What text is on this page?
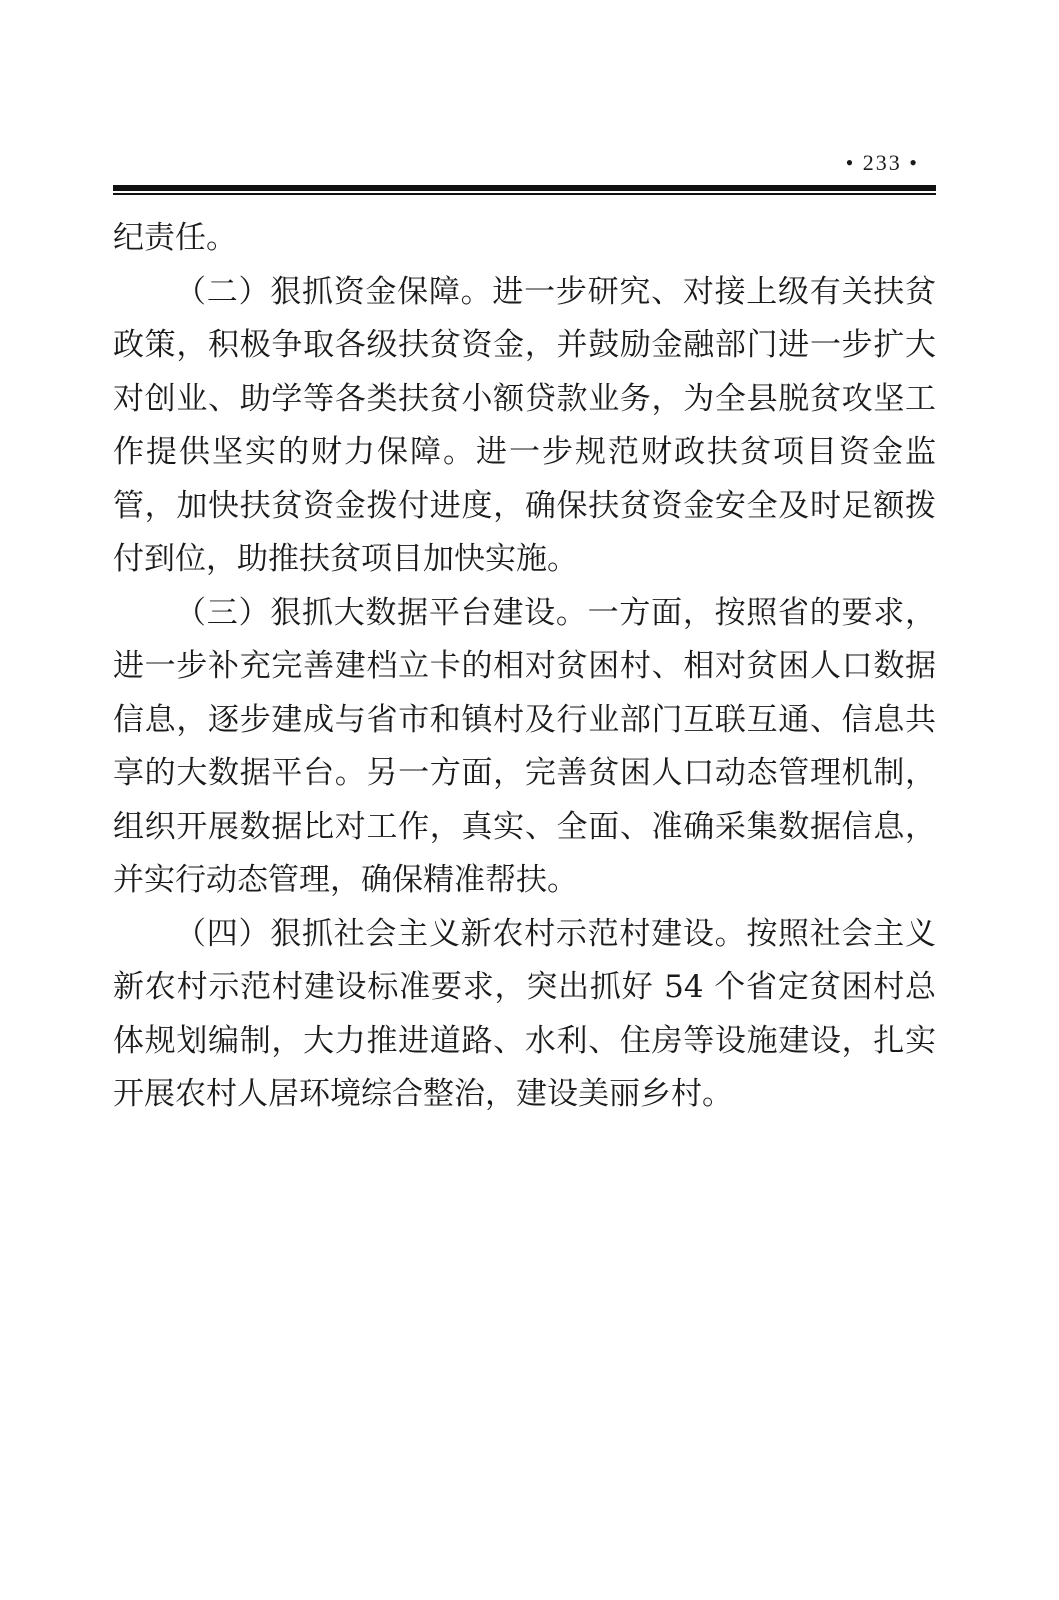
• 233 •

纪责任。

（二）狠抓资金保障。进一步研究、对接上级有关扶贫政策，积极争取各级扶贫资金，并鼓励金融部门进一步扩大对创业、助学等各类扶贫小额贷款业务，为全县脱贫攻坚工作提供坚实的财力保障。进一步规范财政扶贫项目资金监管，加快扶贫资金拨付进度，确保扶贫资金安全及时足额拨付到位，助推扶贫项目加快实施。

（三）狠抓大数据平台建设。一方面，按照省的要求，进一步补充完善建档立卡的相对贫困村、相对贫困人口数据信息，逐步建成与省市和镇村及行业部门互联互通、信息共享的大数据平台。另一方面，完善贫困人口动态管理机制，组织开展数据比对工作，真实、全面、准确采集数据信息，并实行动态管理，确保精准帮扶。

（四）狠抓社会主义新农村示范村建设。按照社会主义新农村示范村建设标准要求，突出抓好 54 个省定贫困村总体规划编制，大力推进道路、水利、住房等设施建设，扎实开展农村人居环境综合整治，建设美丽乡村。
